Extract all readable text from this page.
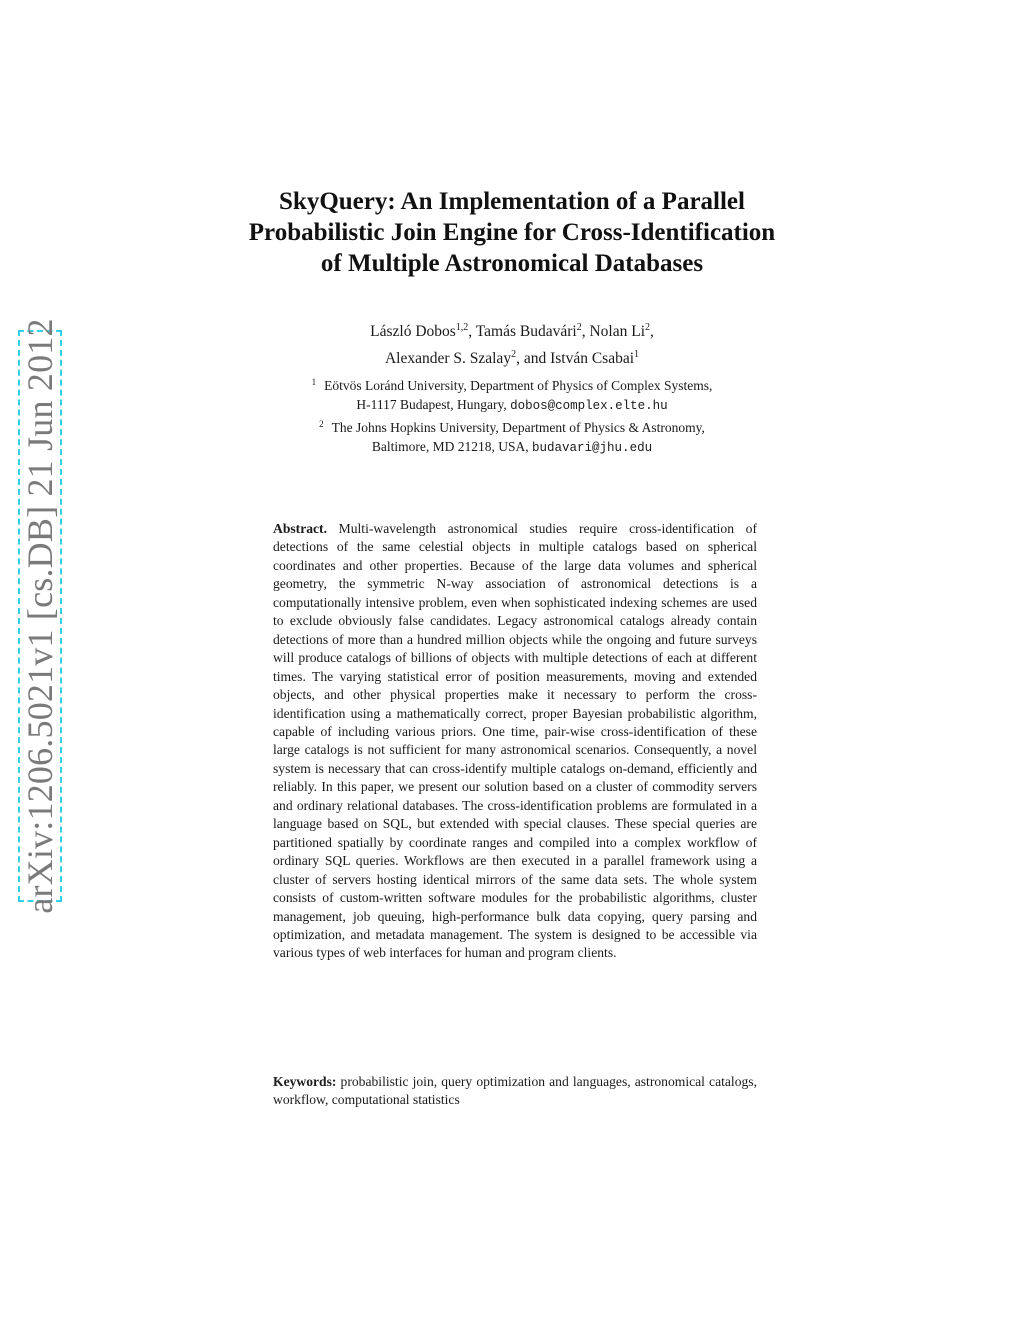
arXiv:1206.5021v1 [cs.DB] 21 Jun 2012
SkyQuery: An Implementation of a Parallel
Probabilistic Join Engine for Cross-Identification
of Multiple Astronomical Databases
László Dobos$^{1,2}$, Tamás Budavári$^2$, Nolan Li$^2$,
Alexander S. Szalay$^2$, and István Csabai$^1$
$^1$ Eötvös Loránd University, Department of Physics of Complex Systems,
H-1117 Budapest, Hungary, dobos@complex.elte.hu
$^2$ The Johns Hopkins University, Department of Physics & Astronomy,
Baltimore, MD 21218, USA, budavari@jhu.edu
Abstract. Multi-wavelength astronomical studies require cross-identification of detections of the same celestial objects in multiple catalogs based on spherical coordinates and other properties. Because of the large data volumes and spherical geometry, the symmetric N-way association of astronomical detections is a computationally intensive problem, even when sophisticated indexing schemes are used to exclude obviously false candidates. Legacy astronomical catalogs already contain detections of more than a hundred million objects while the ongoing and future surveys will produce catalogs of billions of objects with multiple detections of each at different times. The varying statistical error of position measurements, moving and extended objects, and other physical properties make it necessary to perform the cross-identification using a mathematically correct, proper Bayesian probabilistic algorithm, capable of including various priors. One time, pair-wise cross-identification of these large catalogs is not sufficient for many astronomical scenarios. Consequently, a novel system is necessary that can cross-identify multiple catalogs on-demand, efficiently and reliably. In this paper, we present our solution based on a cluster of commodity servers and ordinary relational databases. The cross-identification problems are formulated in a language based on SQL, but extended with special clauses. These special queries are partitioned spatially by coordinate ranges and compiled into a complex workflow of ordinary SQL queries. Workflows are then executed in a parallel framework using a cluster of servers hosting identical mirrors of the same data sets. The whole system consists of custom-written software modules for the probabilistic algorithms, cluster management, job queuing, high-performance bulk data copying, query parsing and optimization, and metadata management. The system is designed to be accessible via various types of web interfaces for human and program clients.
Keywords: probabilistic join, query optimization and languages, astronomical catalogs, workflow, computational statistics
